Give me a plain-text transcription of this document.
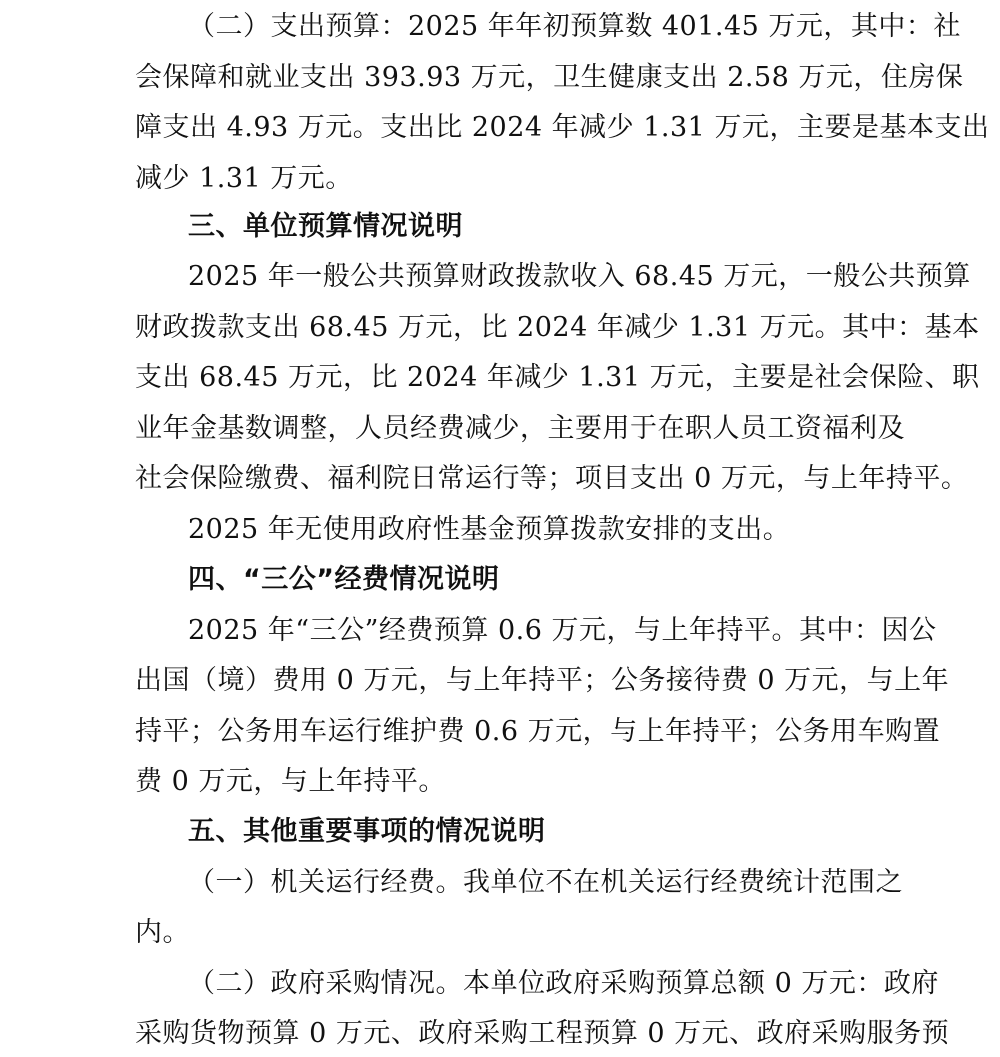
（二）支出预算：2025 年年初预算数 401.45 万元，其中：社
会保障和就业支出 393.93 万元，卫生健康支出 2.58 万元，住房保
障支出 4.93 万元。支出比 2024 年减少 1.31 万元，主要是基本支出
减少 1.31 万元。
三、单位预算情况说明
2025 年一般公共预算财政拨款收入 68.45 万元，一般公共预算
财政拨款支出 68.45 万元，比 2024 年减少 1.31 万元。其中：基本
支出 68.45 万元，比 2024 年减少 1.31 万元，主要是社会保险、职
业年金基数调整，人员经费减少，主要用于在职人员工资福利及
社会保险缴费、福利院日常运行等；项目支出 0 万元，与上年持平。
2025 年无使用政府性基金预算拨款安排的支出。
四、“三公”经费情况说明
2025 年“三公”经费预算 0.6 万元，与上年持平。其中：因公
出国（境）费用 0 万元，与上年持平；公务接待费 0 万元，与上年
持平；公务用车运行维护费 0.6 万元，与上年持平；公务用车购置
费 0 万元，与上年持平。
五、其他重要事项的情况说明
（一）机关运行经费。我单位不在机关运行经费统计范围之
内。
（二）政府采购情况。本单位政府采购预算总额 0 万元：政府
采购货物预算 0 万元、政府采购工程预算 0 万元、政府采购服务预
